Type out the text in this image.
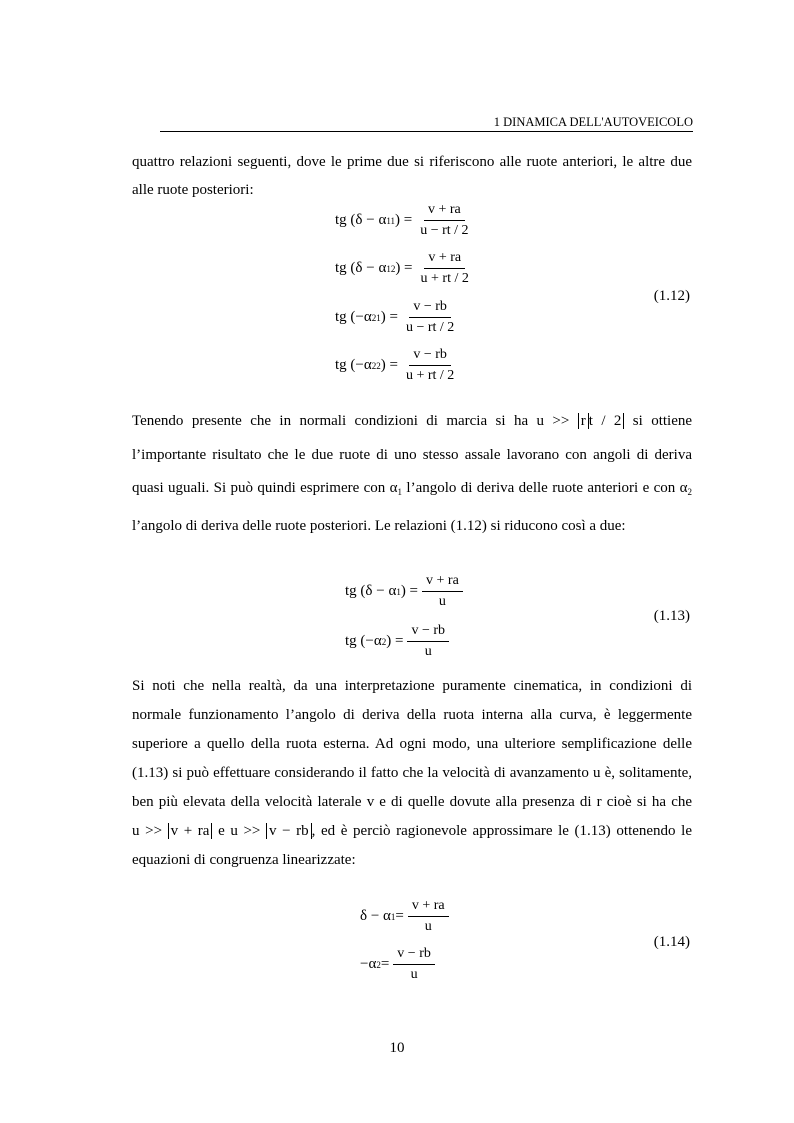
1 DINAMICA DELL'AUTOVEICOLO

quattro relazioni seguenti, dove le prime due si riferiscono alle ruote anteriori, le altre due alle ruote posteriori:

tg (δ − α 11 ) = $\frac{v + ra}{u - rt / 2}$
tg (δ − α 12 ) = $\frac{v + ra}{u + rt / 2}$
tg (−α 21 ) = $\frac{v - rb}{u - rt / 2}$
tg (−α 22 ) = $\frac{v - rb}{u + rt / 2}$
(1.12)

Tenendo presente che in normali condizioni di marcia si ha u >> r t / 2 si ottiene l’importante risultato che le due ruote di uno stesso assale lavorano con angoli di deriva quasi uguali. Si può quindi esprimere con $\alpha_1$ l’angolo di deriva delle ruote anteriori e con $\alpha_2$ l’angolo di deriva delle ruote posteriori. Le relazioni (1.12) si riducono così a due:

tg (δ − α 1 ) = $\frac{v + ra}{u}$
tg (−α 2 ) = $\frac{v - rb}{u}$
(1.13)

Si noti che nella realtà, da una interpretazione puramente cinematica, in condizioni di normale funzionamento l’angolo di deriva della ruota interna alla curva, è leggermente superiore a quello della ruota esterna. Ad ogni modo, una ulteriore semplificazione delle (1.13) si può effettuare considerando il fatto che la velocità di avanzamento u è, solitamente, ben più elevata della velocità laterale v e di quelle dovute alla presenza di r cioè si ha che u >> v + ra e u >> v − rb , ed è perciò ragionevole approssimare le (1.13) ottenendo le equazioni di congruenza linearizzate:

δ − α $1 = \frac{v + ra}{u}$
−α $2 = \frac{v - rb}{u}$
(1.14)
10
